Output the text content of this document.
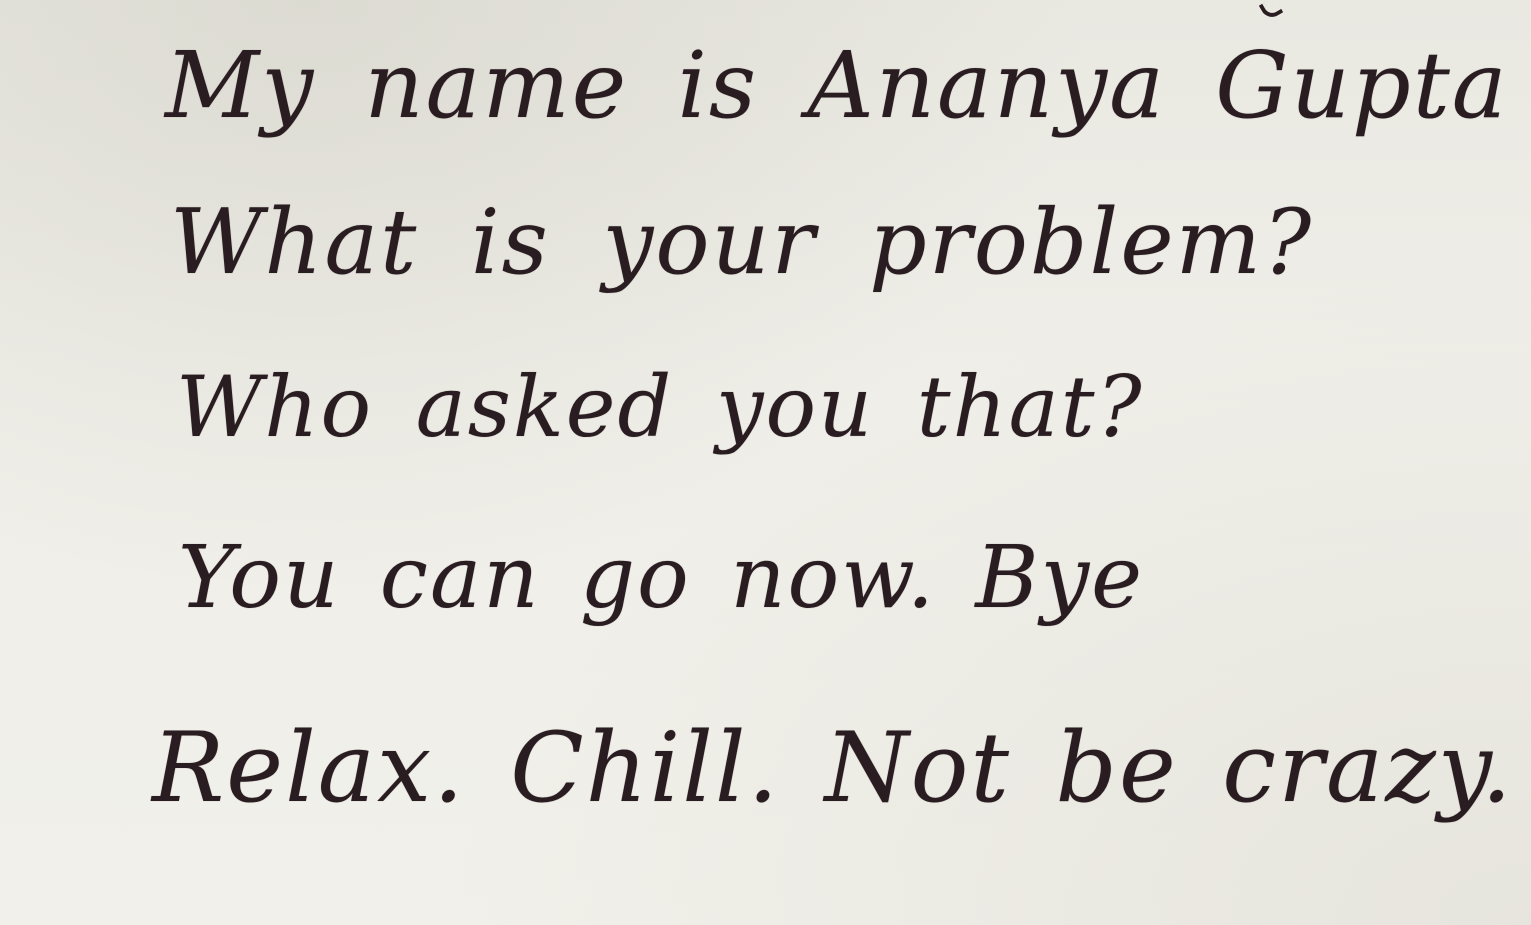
My name is Ananya Gupta
What is your problem?
Who asked you that?
You can go now. Bye
Relax. Chill. Not be crazy.
